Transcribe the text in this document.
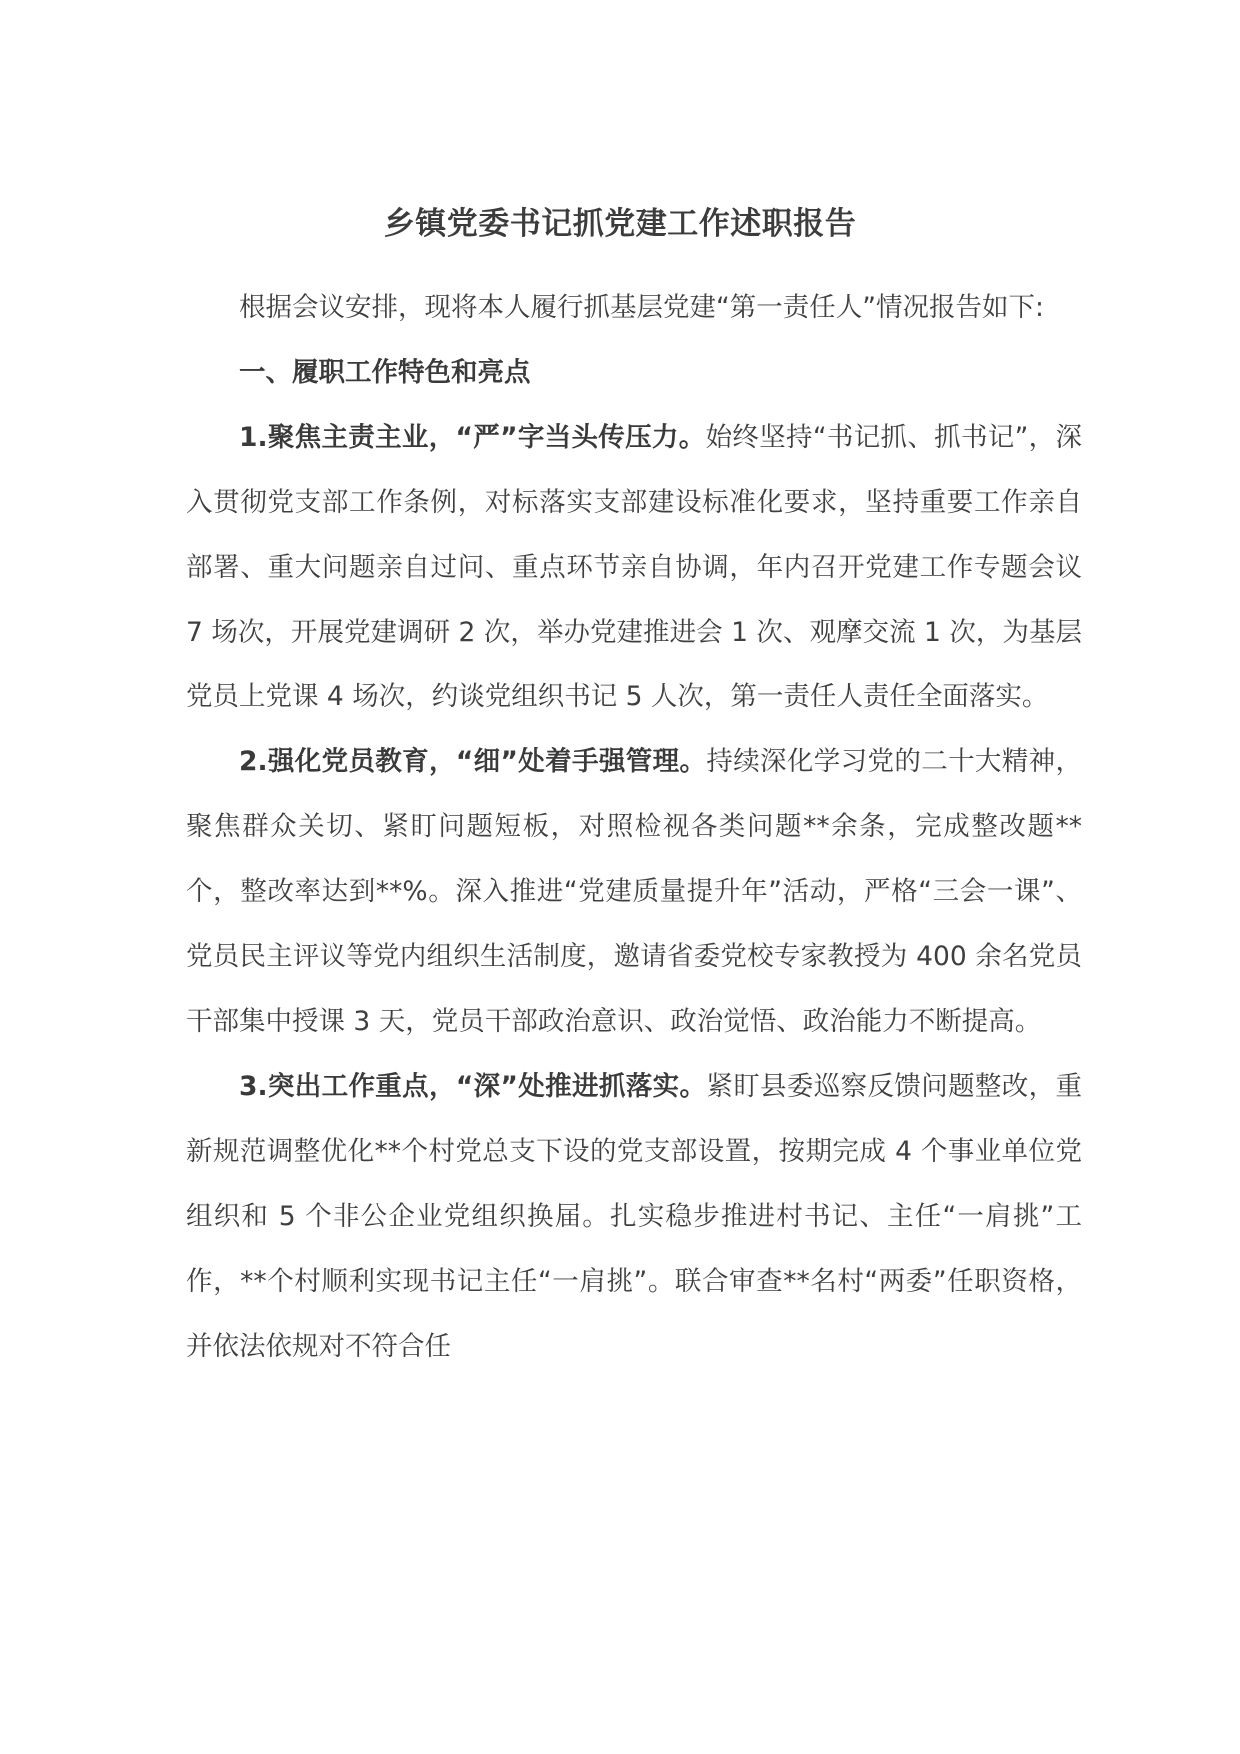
乡镇党委书记抓党建工作述职报告

根据会议安排，现将本人履行抓基层党建“第一责任人”情况报告如下:

一、履职工作特色和亮点

1.聚焦主责主业，“严”字当头传压力。始终坚持“书记抓、抓书记”，深入贯彻党支部工作条例，对标落实支部建设标准化要求，坚持重要工作亲自部署、重大问题亲自过问、重点环节亲自协调，年内召开党建工作专题会议 7 场次，开展党建调研 2 次，举办党建推进会 1 次、观摩交流 1 次，为基层党员上党课 4 场次，约谈党组织书记 5 人次，第一责任人责任全面落实。

2.强化党员教育，“细”处着手强管理。持续深化学习党的二十大精神，聚焦群众关切、紧盯问题短板，对照检视各类问题**余条，完成整改题**个，整改率达到**%。深入推进“党建质量提升年”活动，严格“三会一课”、党员民主评议等党内组织生活制度，邀请省委党校专家教授为 400 余名党员干部集中授课 3 天，党员干部政治意识、政治觉悟、政治能力不断提高。

3.突出工作重点，“深”处推进抓落实。紧盯县委巡察反馈问题整改，重新规范调整优化**个村党总支下设的党支部设置，按期完成 4 个事业单位党组织和 5 个非公企业党组织换届。扎实稳步推进村书记、主任“一肩挑”工作，**个村顺利实现书记主任“一肩挑”。联合审查**名村“两委”任职资格，并依法依规对不符合任
